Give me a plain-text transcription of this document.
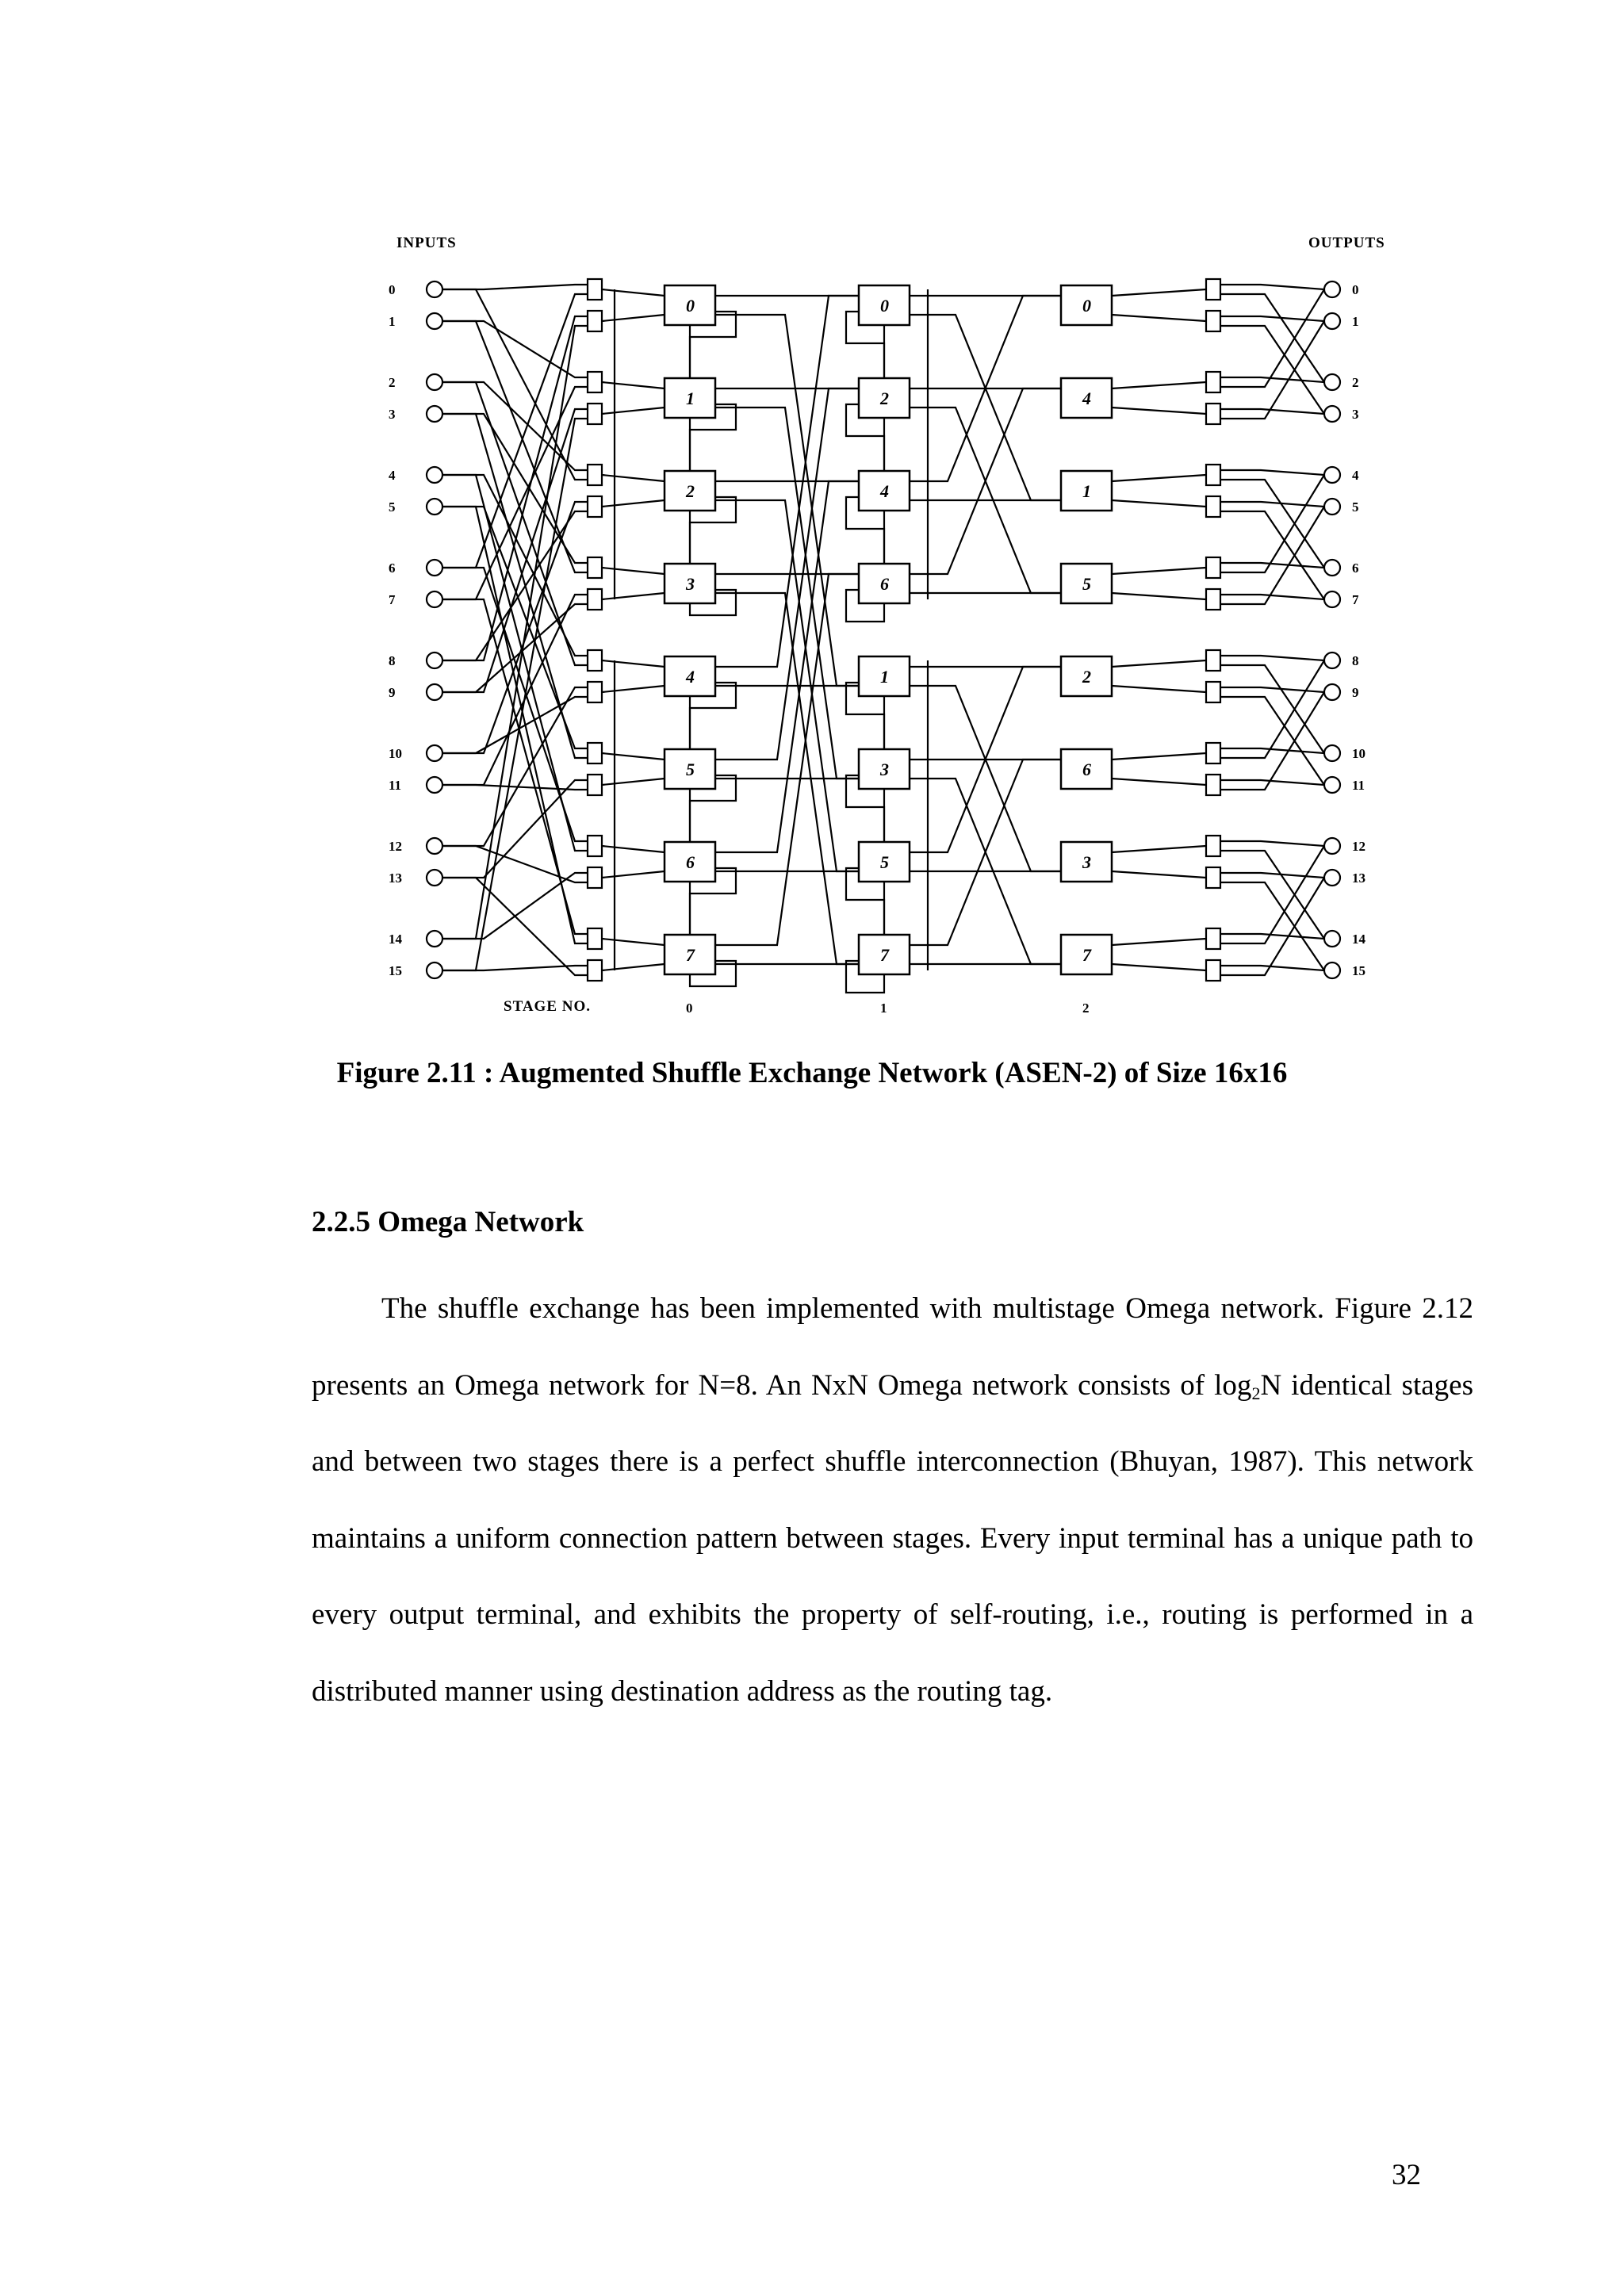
INPUTS	OUTPUTS
STAGE NO.
0
1
2
3
4
5
6
7
8
9
10
11
12
13
14
15
0
1
2
3
4
5
6
7
8
9
10
11
12
13
14
15
0	1	2
0
1
2
3
4
5
6
7
0
2
4
6
1
3
5
7
0
4
1
5
2
6
3
7
Figure 2.11 : Augmented Shuffle Exchange Network (ASEN-2) of Size 16x16
2.2.5 Omega Network

The shuffle exchange has been implemented with multistage Omega network. Figure 2.12 presents an Omega network for N=8. An NxN Omega network consists of $\log_2N$ identical stages and between two stages there is a perfect shuffle interconnection (Bhuyan, 1987). This network maintains a uniform connection pattern between stages. Every input terminal has a unique path to every output terminal, and exhibits the property of self-routing, i.e., routing is performed in a distributed manner using destination address as the routing tag.

32
